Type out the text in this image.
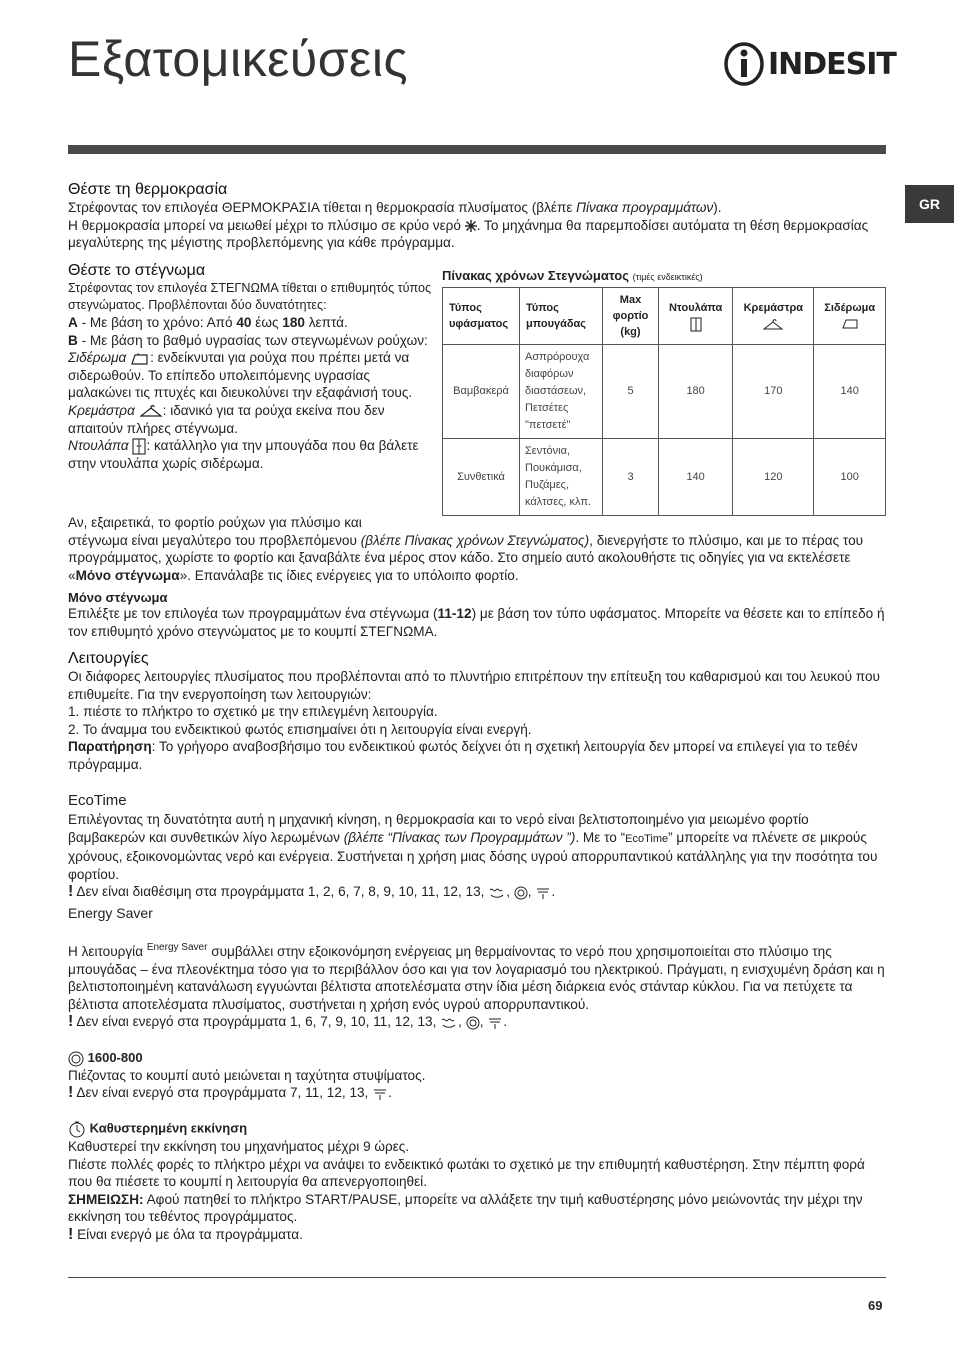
Εξατομικεύσεις	INDESIT
GR

Θέστε τη θερμοκρασία

Στρέφοντας τον επιλογέα ΘΕΡΜΟΚΡΑΣΙΑ τίθεται η θερμοκρασία πλυσίματος (βλέπε Πίνακα προγραμμάτων).

Η θερμοκρασία μπορεί να μειωθεί μέχρι το πλύσιμο σε κρύο νερό . Το μηχάνημα θα παρεμποδίσει αυτόματα τη θέση θερμοκρασίας μεγαλύτερης της μέγιστης προβλεπόμενης για κάθε πρόγραμμα.

Θέστε το στέγνωμα

Στρέφοντας τον επιλογέα ΣΤΕΓΝΩΜΑ τίθεται ο επιθυμητός τύπος στεγνώματος. Προβλέπονται δύο δυνατότητες:

A - Με βάση το χρόνο: Από 40 έως 180 λεπτά.

B - Με βάση το βαθμό υγρασίας των στεγνωμένων ρούχων:

Σιδέρωμα : ενδείκνυται για ρούχα που πρέπει μετά να σιδερωθούν. Το επίπεδο υπολειπόμενης υγρασίας μαλακώνει τις πτυχές και διευκολύνει την εξαφάνισή τους.

Κρεμάστρα : ιδανικό για τα ρούχα εκείνα που δεν απαιτούν πλήρες στέγνωμα.

Ντουλάπα : κατάλληλο για την μπουγάδα που θα βάλετε στην ντουλάπα χωρίς σιδέρωμα.

Πίνακας χρόνων Στεγνώματος (τιμές ενδεικτικές)
Τύπος υφάσματος	Τύπος μπουγάδας	Max φορτίο (kg)	Ντουλάπα	Κρεμάστρα	Σιδέρωμα

Βαμβακερά	Ασπρόρουχα διαφόρων διαστάσεων, Πετσέτες "πετσετέ"	5	180	170	140
Συνθετικά	Σεντόνια, Πουκάμισα, Πυζάμες, κάλτσες, κλπ.	3	140	120	100

Αν, εξαιρετικά, το φορτίο ρούχων για πλύσιμο και

στέγνωμα είναι μεγαλύτερο του προβλεπόμενου (βλέπε Πίνακας χρόνων Στεγνώματος), διενεργήστε το πλύσιμο, και με το πέρας του προγράμματος, χωρίστε το φορτίο και ξαναβάλτε ένα μέρος στον κάδο. Στο σημείο αυτό ακολουθήστε τις οδηγίες για να εκτελέσετε «Μόνο στέγνωμα». Επανάλαβε τις ίδιες ενέργειες για το υπόλοιπο φορτίο.

Μόνο στέγνωμα

Επιλέξτε με τον επιλογέα των προγραμμάτων ένα στέγνωμα (11-12) με βάση τον τύπο υφάσματος. Μπορείτε να θέσετε και το επίπεδο ή τον επιθυμητό χρόνο στεγνώματος με το κουμπί ΣΤΕΓΝΩΜΑ.

Λειτουργίες

Οι διάφορες λειτουργίες πλυσίματος που προβλέπονται από το πλυντήριο επιτρέπουν την επίτευξη του καθαρισμού και του λευκού που επιθυμείτε. Για την ενεργοποίηση των λειτουργιών:

1. πιέστε το πλήκτρο το σχετικό με την επιλεγμένη λειτουργία.

2. Το άναμμα του ενδεικτικού φωτός επισημαίνει ότι η λειτουργία είναι ενεργή.

Παρατήρηση: Το γρήγορο αναβοσβήσιμο του ενδεικτικού φωτός δείχνει ότι η σχετική λειτουργία δεν μπορεί να επιλεγεί για το τεθέν πρόγραμμα.

EcoTime

Επιλέγοντας τη δυνατότητα αυτή η μηχανική κίνηση, η θερμοκρασία και το νερό είναι βελτιστοποιημένο για μειωμένο φορτίο βαμβακερών και συνθετικών λίγο λερωμένων (βλέπε “Πίνακας των Προγραμμάτων ”). Με το “EcoTime” μπορείτε να πλένετε σε μικρούς χρόνους, εξοικονομώντας νερό και ενέργεια. Συστήνεται η χρήση μιας δόσης υγρού απορρυπαντικού κατάλληλης για την ποσότητα του φορτίου.

! Δεν είναι διαθέσιμη στα προγράμματα 1, 2, 6, 7, 8, 9, 10, 11, 12, 13, , , .

Energy Saver

Η λειτουργία $^{Energy Saver}$ συμβάλλει στην εξοικονόμηση ενέργειας μη θερμαίνοντας το νερό που χρησιμοποιείται στο πλύσιμο της μπουγάδας – ένα πλεονέκτημα τόσο για το περιβάλλον όσο και για τον λογαριασμό του ηλεκτρικού. Πράγματι, η ενισχυμένη δράση και η βελτιστοποιημένη κατανάλωση εγγυώνται βέλτιστα αποτελέσματα στην ίδια μέση διάρκεια ενός στάνταρ κύκλου. Για να πετύχετε τα βέλτιστα αποτελέσματα πλυσίματος, συστήνεται η χρήση ενός υγρού απορρυπαντικού.

! Δεν είναι ενεργό στα προγράμματα 1, 6, 7, 9, 10, 11, 12, 13, , , .

1600-800

Πιέζοντας το κουμπί αυτό μειώνεται η ταχύτητα στυψίματος.

! Δεν είναι ενεργό στα προγράμματα 7, 11, 12, 13, .

Καθυστερημένη εκκίνηση

Καθυστερεί την εκκίνηση του μηχανήματος μέχρι 9 ώρες.

Πιέστε πολλές φορές το πλήκτρο μέχρι να ανάψει το ενδεικτικό φωτάκι το σχετικό με την επιθυμητή καθυστέρηση. Στην πέμπτη φορά που θα πιέσετε το κουμπί η λειτουργία θα απενεργοποιηθεί.

ΣΗΜΕΙΩΣΗ: Αφού πατηθεί το πλήκτρο START/PAUSE, μπορείτε να αλλάξετε την τιμή καθυστέρησης μόνο μειώνοντάς την μέχρι την εκκίνηση του τεθέντος προγράμματος.

! Είναι ενεργό με όλα τα προγράμματα.

69
